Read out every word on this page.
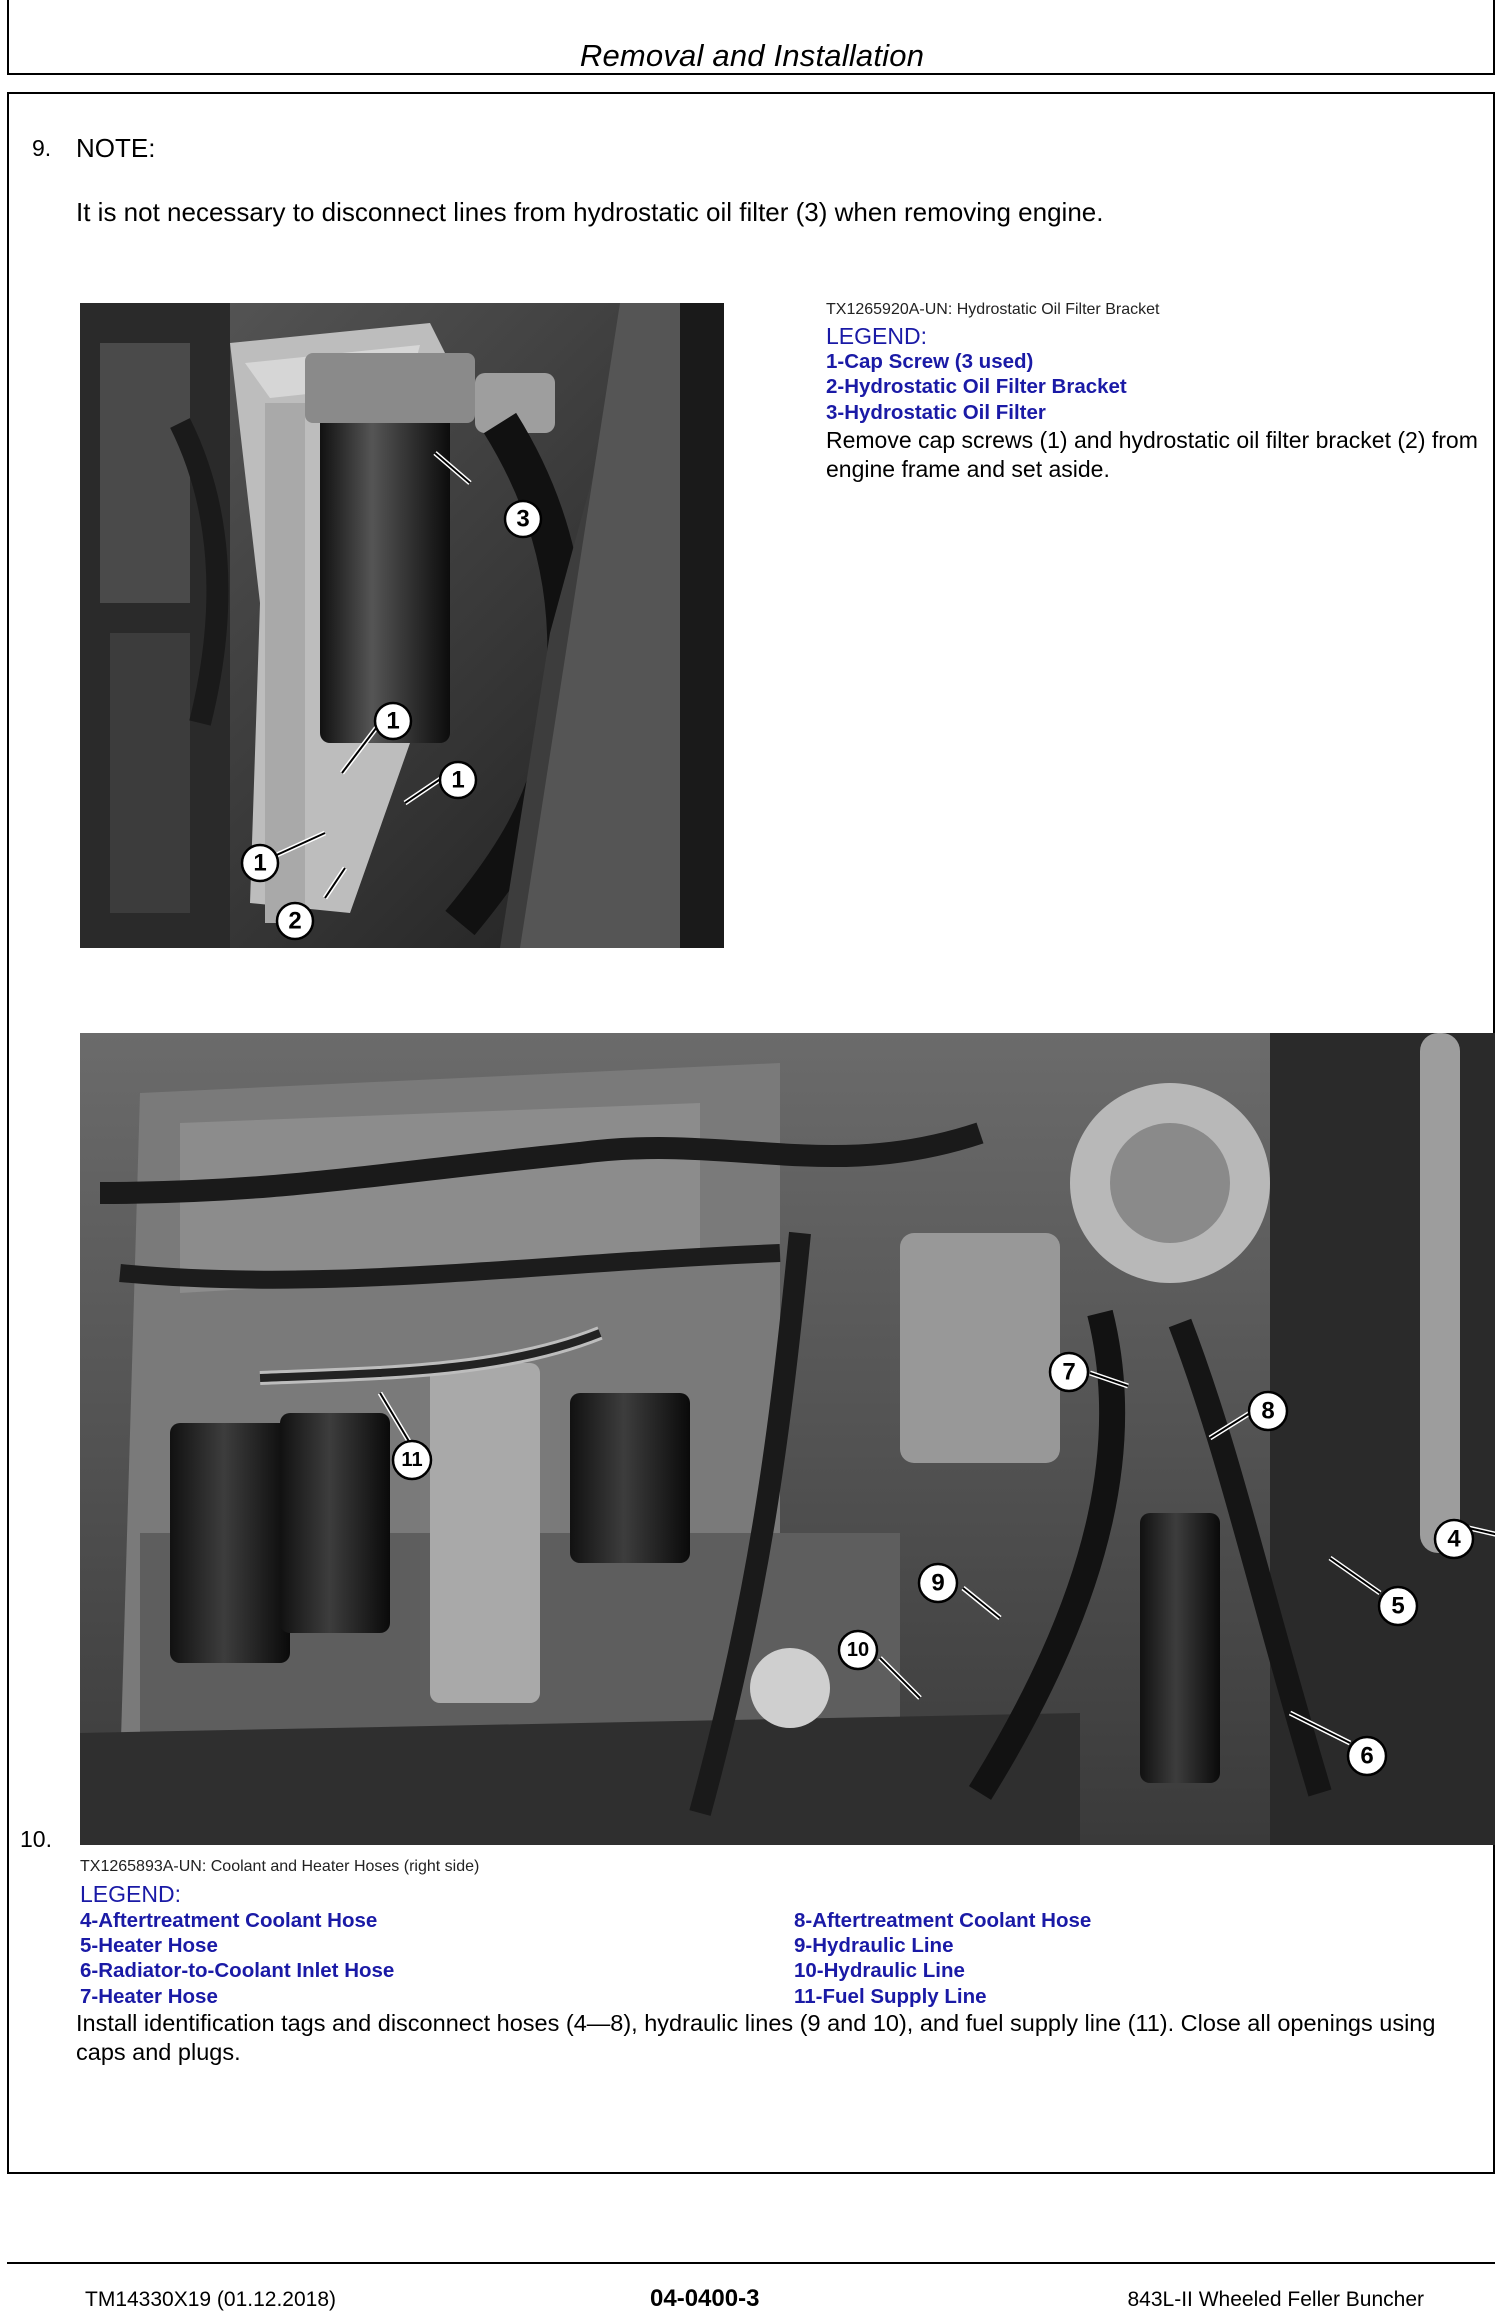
Removal and Installation
9. NOTE:
It is not necessary to disconnect lines from hydrostatic oil filter (3) when removing engine.
3
1
1
1
2
TX1265920A-UN: Hydrostatic Oil Filter Bracket
LEGEND:
1-Cap Screw (3 used)
2-Hydrostatic Oil Filter Bracket
3-Hydrostatic Oil Filter
Remove cap screws (1) and hydrostatic oil filter bracket (2) from engine frame and set aside.
7
8
4
5
6
9
10
11
10.
TX1265893A-UN: Coolant and Heater Hoses (right side)
LEGEND:
4-Aftertreatment Coolant Hose
5-Heater Hose
6-Radiator-to-Coolant Inlet Hose
7-Heater Hose
8-Aftertreatment Coolant Hose
9-Hydraulic Line
10-Hydraulic Line
11-Fuel Supply Line
Install identification tags and disconnect hoses (4—8), hydraulic lines (9 and 10), and fuel supply line (11). Close all openings using caps and plugs.
TM14330X19 (01.12.2018)	04-0400-3	843L-II Wheeled Feller Buncher
